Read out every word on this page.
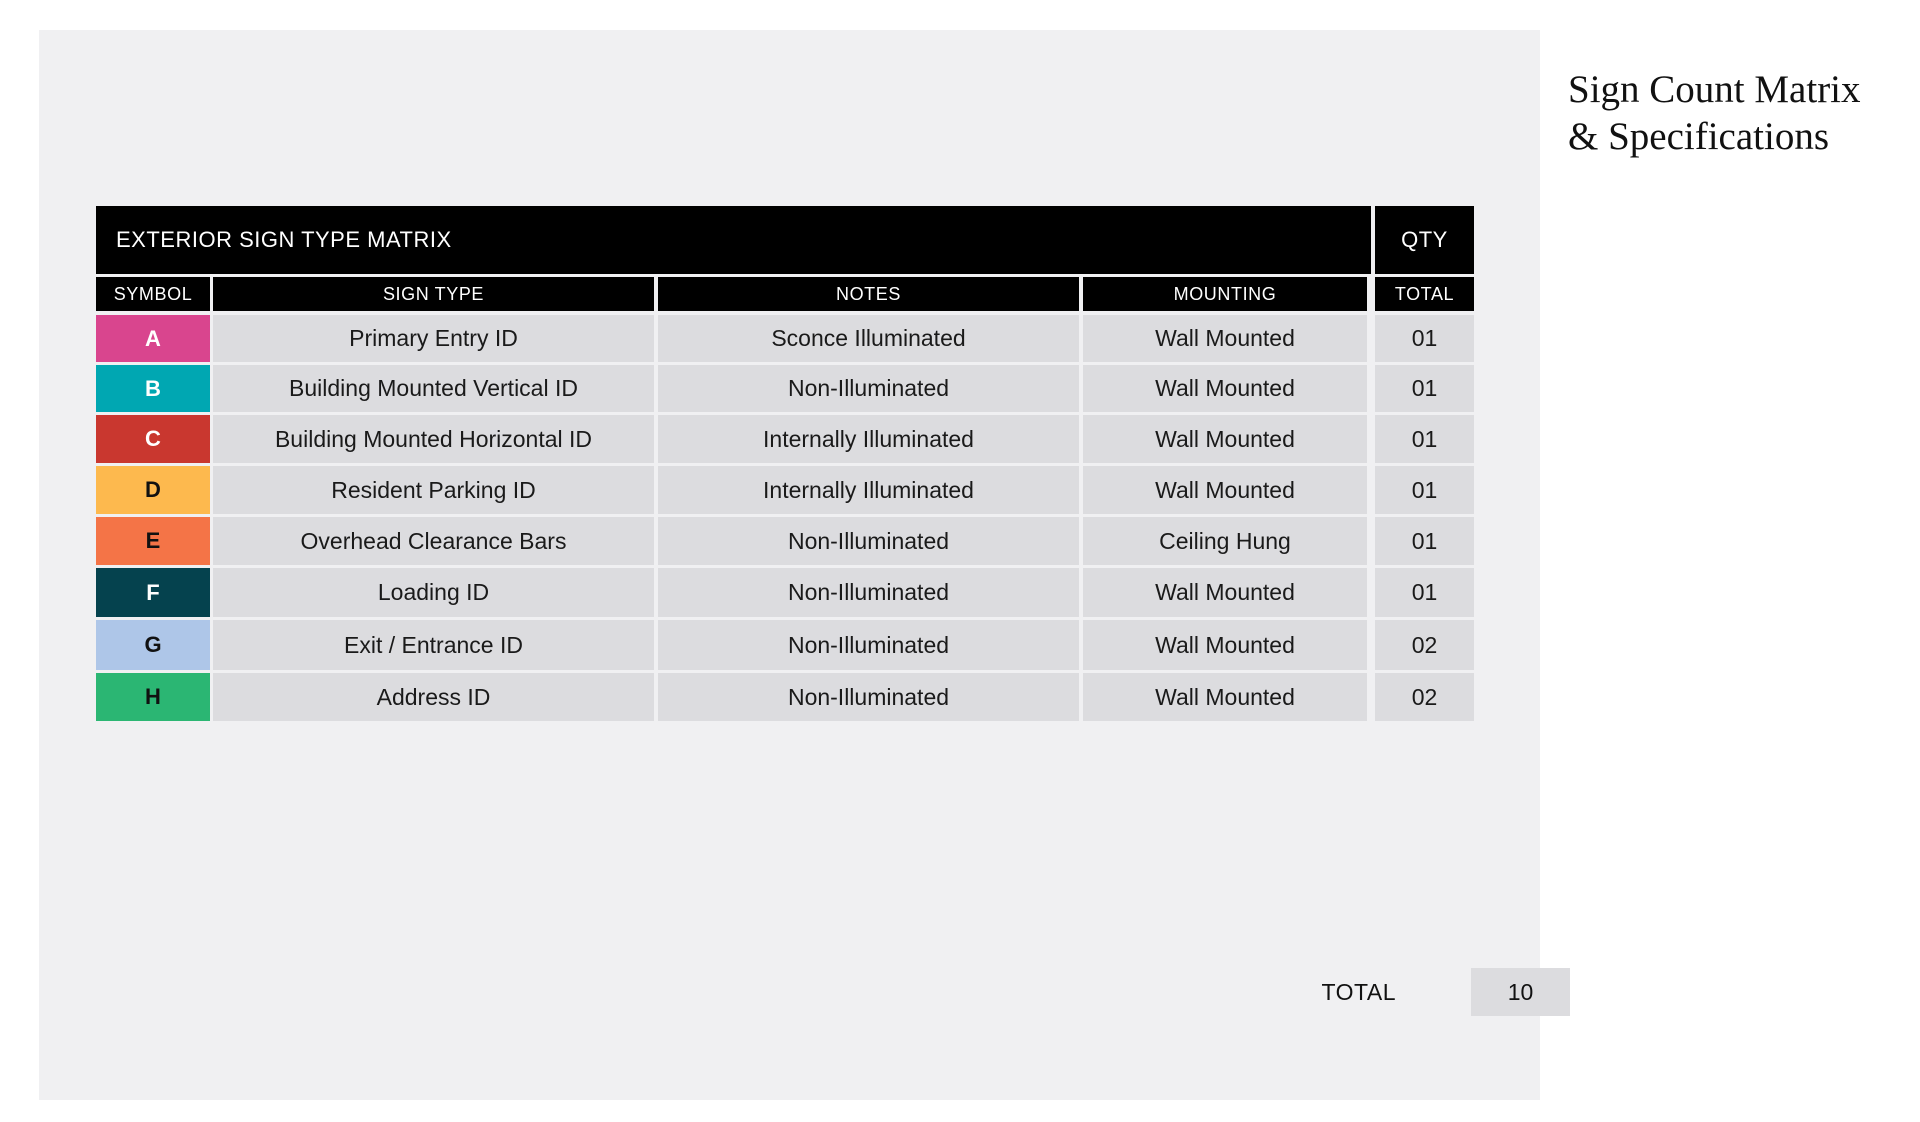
Sign Count Matrix
& Specifications
EXTERIOR SIGN TYPE MATRIX	QTY
SYMBOL	SIGN TYPE	NOTES	MOUNTING	TOTAL
A	Primary Entry ID	Sconce Illuminated	Wall Mounted	01
B	Building Mounted Vertical ID	Non-Illuminated	Wall Mounted	01
C	Building Mounted Horizontal ID	Internally Illuminated	Wall Mounted	01
D	Resident Parking ID	Internally Illuminated	Wall Mounted	01
E	Overhead Clearance Bars	Non-Illuminated	Ceiling Hung	01
F	Loading ID	Non-Illuminated	Wall Mounted	01
G	Exit / Entrance ID	Non-Illuminated	Wall Mounted	02
H	Address ID	Non-Illuminated	Wall Mounted	02
TOTAL	10
